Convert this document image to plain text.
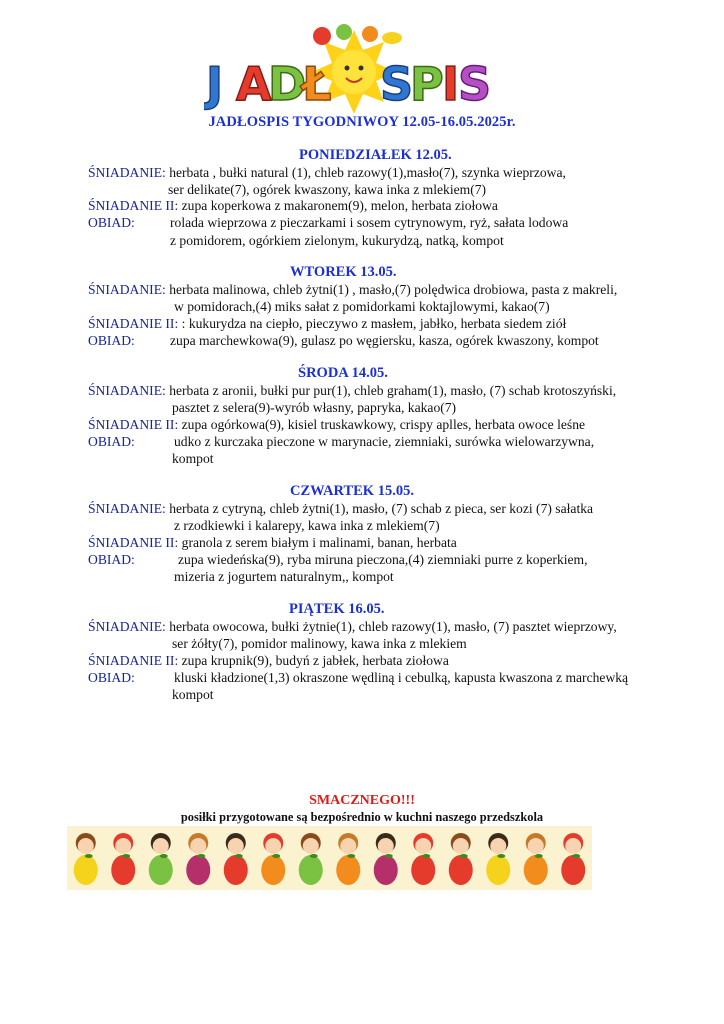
J A
D
Ł S
P
I
S
JADŁOSPIS TYGODNIWOY 12.05-16.05.2025r.
PONIEDZIAŁEK 12.05.
ŚNIADANIE: herbata , bułki natural (1), chleb razowy(1),masło(7), szynka wieprzowa,
ser delikate(7), ogórek kwaszony, kawa inka z mlekiem(7)
ŚNIADANIE II: zupa koperkowa z makaronem(9), melon, herbata ziołowa
OBIAD:	rolada wieprzowa z pieczarkami i sosem cytrynowym, ryż, sałata lodowa
z pomidorem, ogórkiem zielonym, kukurydzą, natką, kompot
WTOREK 13.05.
ŚNIADANIE: herbata malinowa, chleb żytni(1) , masło,(7) polędwica drobiowa, pasta z makreli,
w pomidorach,(4) miks sałat z pomidorkami koktajlowymi, kakao(7)
ŚNIADANIE II: : kukurydza na ciepło, pieczywo z masłem, jabłko, herbata siedem ziół
OBIAD:	zupa marchewkowa(9), gulasz po węgiersku, kasza, ogórek kwaszony, kompot
ŚRODA 14.05.
ŚNIADANIE: herbata z aronii, bułki pur pur(1), chleb graham(1), masło, (7) schab krotoszyński,
pasztet z selera(9)-wyrób własny, papryka, kakao(7)
ŚNIADANIE II: zupa ogórkowa(9), kisiel truskawkowy, crispy aplles, herbata owoce leśne
OBIAD:	udko z kurczaka pieczone w marynacie, ziemniaki, surówka wielowarzywna,
kompot
CZWARTEK 15.05.
ŚNIADANIE: herbata z cytryną, chleb żytni(1), masło, (7) schab z pieca, ser kozi (7) sałatka
z rzodkiewki i kalarepy, kawa inka z mlekiem(7)
ŚNIADANIE II: granola z serem białym i malinami, banan, herbata
OBIAD:	zupa wiedeńska(9), ryba miruna pieczona,(4) ziemniaki purre z koperkiem,
mizeria z jogurtem naturalnym,, kompot
PIĄTEK 16.05.
ŚNIADANIE: herbata owocowa, bułki żytnie(1), chleb razowy(1), masło, (7) pasztet wieprzowy,
ser żółty(7), pomidor malinowy, kawa inka z mlekiem
ŚNIADANIE II: zupa krupnik(9), budyń z jabłek, herbata ziołowa
OBIAD:	kluski kładzione(1,3) okraszone wędliną i cebulką, kapusta kwaszona z marchewką
kompot
SMACZNEGO!!!
posiłki przygotowane są bezpośrednio w kuchni naszego przedszkola
